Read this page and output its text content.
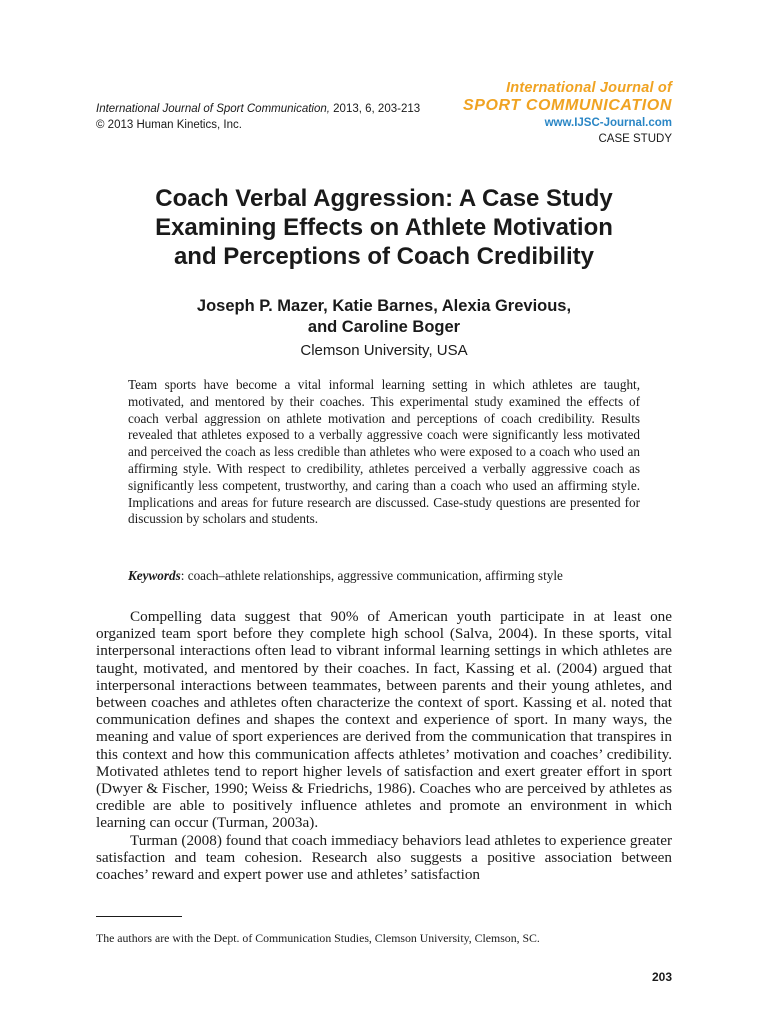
International Journal of Sport Communication, 2013, 6, 203-213
© 2013 Human Kinetics, Inc.
International Journal of
SPORT COMMUNICATION
www.IJSC-Journal.com
CASE STUDY
Coach Verbal Aggression: A Case Study
Examining Effects on Athlete Motivation
and Perceptions of Coach Credibility
Joseph P. Mazer, Katie Barnes, Alexia Grevious,
and Caroline Boger
Clemson University, USA
Team sports have become a vital informal learning setting in which athletes are taught, motivated, and mentored by their coaches. This experimental study examined the effects of coach verbal aggression on athlete motivation and perceptions of coach credibility. Results revealed that athletes exposed to a verbally aggressive coach were significantly less motivated and perceived the coach as less credible than athletes who were exposed to a coach who used an affirming style. With respect to credibility, athletes perceived a verbally aggressive coach as significantly less competent, trustworthy, and caring than a coach who used an affirming style. Implications and areas for future research are discussed. Case-study questions are presented for discussion by scholars and students.
Keywords: coach–athlete relationships, aggressive communication, affirming style

Compelling data suggest that 90% of American youth participate in at least one organized team sport before they complete high school (Salva, 2004). In these sports, vital interpersonal interactions often lead to vibrant informal learning settings in which athletes are taught, motivated, and mentored by their coaches. In fact, Kassing et al. (2004) argued that interpersonal interactions between teammates, between parents and their young athletes, and between coaches and athletes often characterize the context of sport. Kassing et al. noted that communication defines and shapes the context and experience of sport. In many ways, the meaning and value of sport experiences are derived from the communication that transpires in this context and how this communication affects athletes’ motivation and coaches’ credibility. Motivated athletes tend to report higher levels of satisfaction and exert greater effort in sport (Dwyer & Fischer, 1990; Weiss & Friedrichs, 1986). Coaches who are perceived by athletes as credible are able to positively influence athletes and promote an environment in which learning can occur (Turman, 2003a).

Turman (2008) found that coach immediacy behaviors lead athletes to experience greater satisfaction and team cohesion. Research also suggests a positive association between coaches’ reward and expert power use and athletes’ satisfaction

The authors are with the Dept. of Communication Studies, Clemson University, Clemson, SC.
203
